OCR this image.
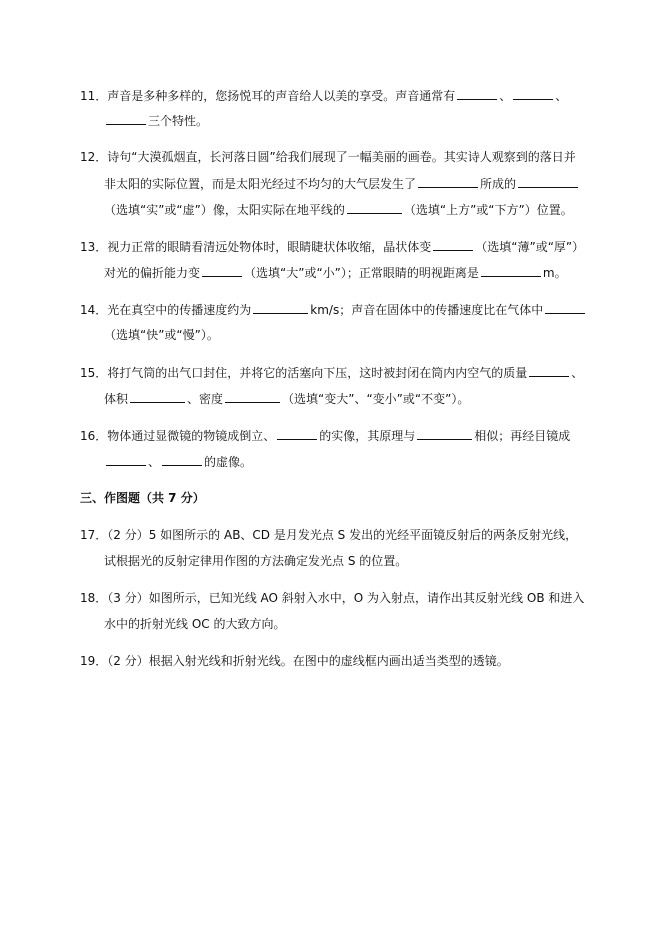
11．声音是多种多样的，您扬悦耳的声音给人以美的享受。声音通常有	、	、
三个特性。
12．诗句“大漠孤烟直，长河落日圆”给我们展现了一幅美丽的画卷。其实诗人观察到的落日并
非太阳的实际位置，而是太阳光经过不均匀的大气层发生了	所成的
（选填“实”或“虚”）像，太阳实际在地平线的	（选填“上方”或“下方”）位置。
13．视力正常的眼睛看清远处物体时，眼睛睫状体收缩，晶状体变	（选填“薄”或“厚”）
对光的偏折能力变	（选填“大”或“小”）；正常眼睛的明视距离是	m。
14．光在真空中的传播速度约为	km/s；声音在固体中的传播速度比在气体中
（选填“快”或“慢”）。
15．将打气筒的出气口封住，并将它的活塞向下压，这时被封闭在筒内内空气的质量	、
体积	、密度	（选填“变大”、“变小”或“不变”）。
16．物体通过显微镜的物镜成倒立、	的实像，其原理与	相似；再经目镜成
、	的虚像。
三、作图题（共 7 分）
17．（2 分）5 如图所示的 AB、CD 是月发光点 S 发出的光经平面镜反射后的两条反射光线，
试根据光的反射定律用作图的方法确定发光点 S 的位置。
18．（3 分）如图所示，已知光线 AO 斜射入水中，O 为入射点，请作出其反射光线 OB 和进入
水中的折射光线 OC 的大致方向。
19．（2 分）根据入射光线和折射光线。在图中的虚线框内画出适当类型的透镜。
